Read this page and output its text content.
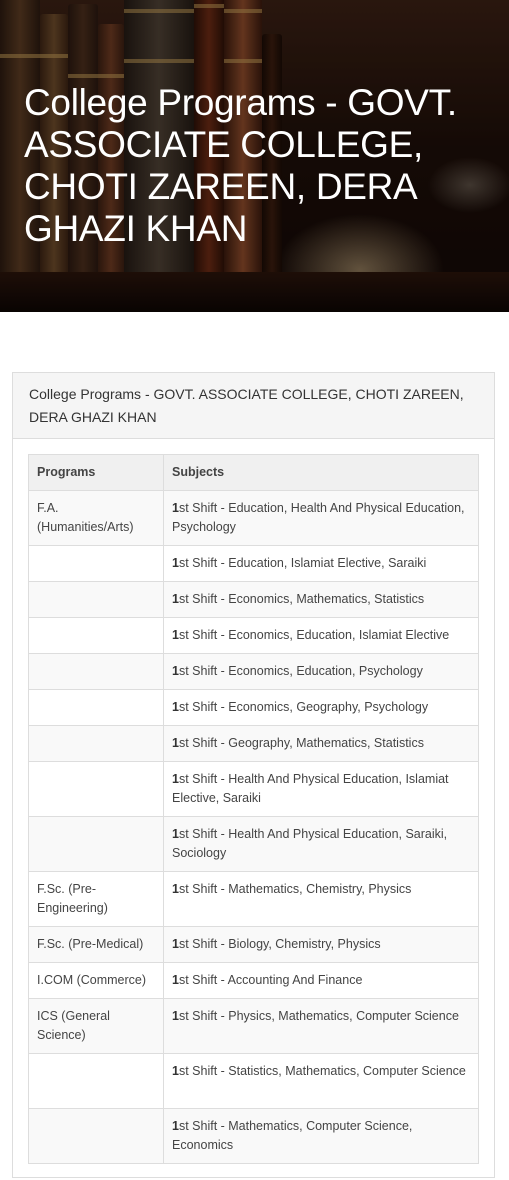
College Programs - GOVT. ASSOCIATE COLLEGE, CHOTI ZAREEN, DERA GHAZI KHAN
College Programs - GOVT. ASSOCIATE COLLEGE, CHOTI ZAREEN, DERA GHAZI KHAN
Programs	Subjects
F.A. (Humanities/Arts)	1st Shift - Education, Health And Physical Education, Psychology
	1st Shift - Education, Islamiat Elective, Saraiki
	1st Shift - Economics, Mathematics, Statistics
	1st Shift - Economics, Education, Islamiat Elective
	1st Shift - Economics, Education, Psychology
	1st Shift - Economics, Geography, Psychology
	1st Shift - Geography, Mathematics, Statistics
	1st Shift - Health And Physical Education, Islamiat Elective, Saraiki
	1st Shift - Health And Physical Education, Saraiki, Sociology
F.Sc. (Pre-Engineering)	1st Shift - Mathematics, Chemistry, Physics
F.Sc. (Pre-Medical)	1st Shift - Biology, Chemistry, Physics
I.COM (Commerce)	1st Shift - Accounting And Finance
ICS (General Science)	1st Shift - Physics, Mathematics, Computer Science
	1st Shift - Statistics, Mathematics, Computer Science
	1st Shift - Mathematics, Computer Science, Economics
